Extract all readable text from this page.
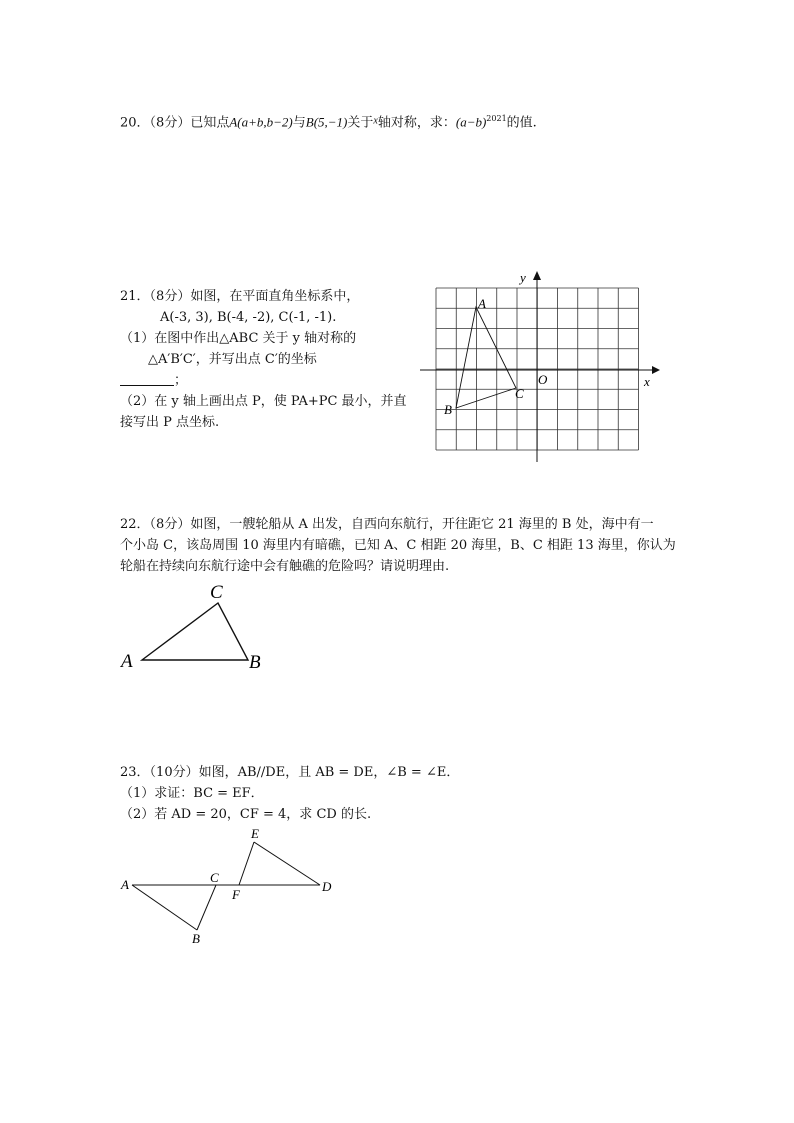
20．（8分）已知点A(a+b,b−2)与B(5,−1)关于$^x$轴对称，求：$(a-b)^{2021}$的值.
21．（8分）如图，在平面直角坐标系中，
A(-3, 3), B(-4, -2), C(-1, -1).
（1）在图中作出△ABC 关于 y 轴对称的
△A′B′C′，并写出点 C′的坐标
；
（2）在 y 轴上画出点 P，使 PA+PC 最小，并直
接写出 P 点坐标.
A
B
C
O	x
y
22．（8分）如图，一艘轮船从 A 出发，自西向东航行，开往距它 21 海里的 B 处，海中有一
个小岛 C，该岛周围 10 海里内有暗礁，已知 A、C 相距 20 海里，B、C 相距 13 海里，你认为
轮船在持续向东航行途中会有触礁的危险吗？请说明理由.
A	B
C
23．（10分）如图，AB//DE，且 AB = DE，∠B = ∠E．
（1）求证：BC = EF．
（2）若 AD = 20，CF = 4，求 CD 的长.
A
B
C
D
E
F
